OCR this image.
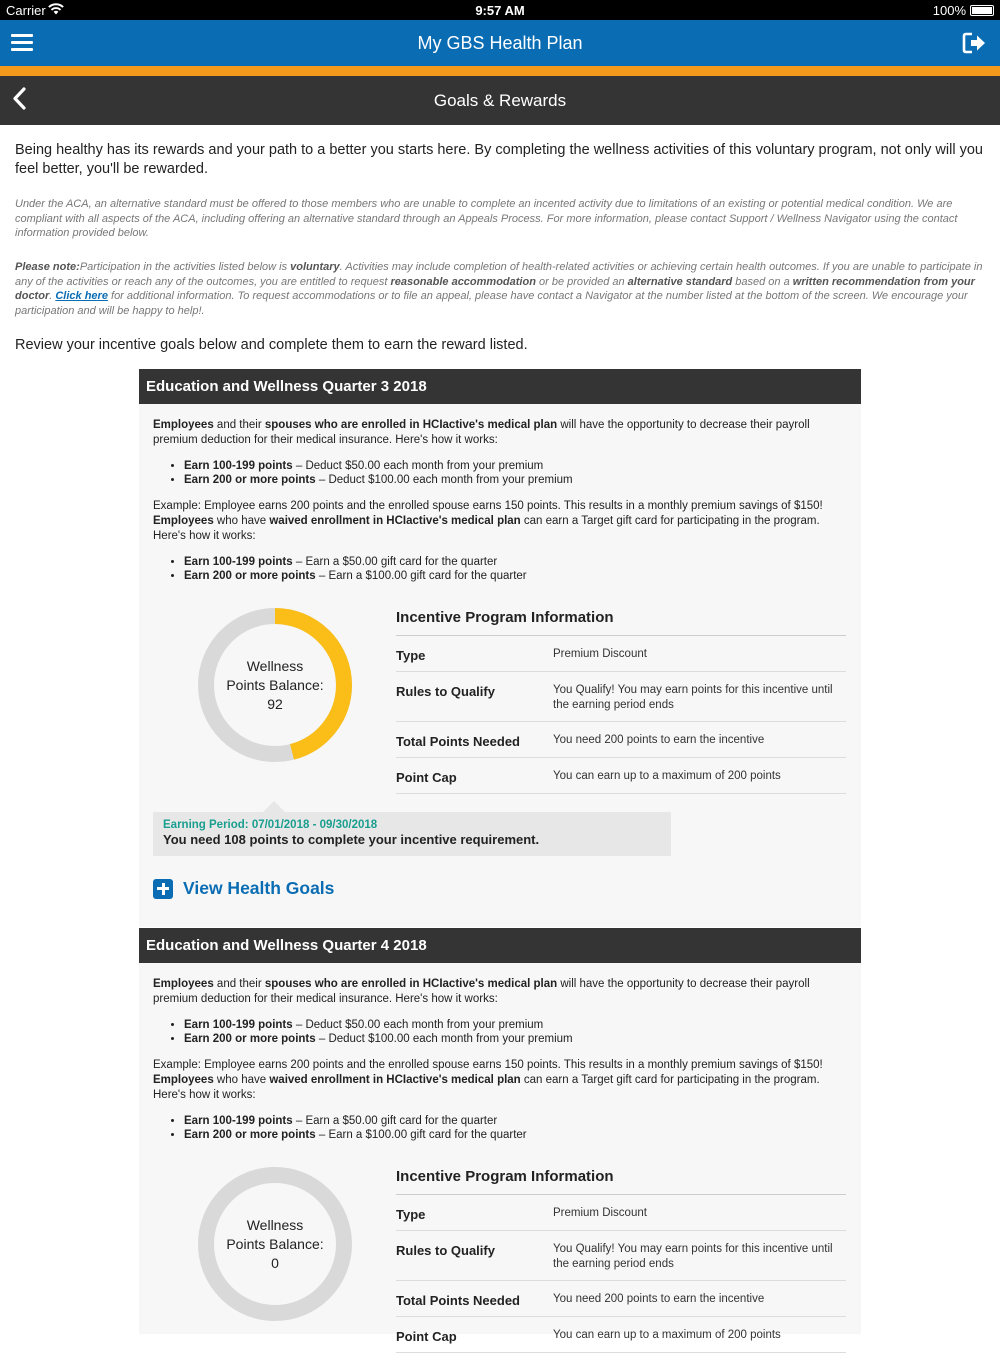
Carrier	9:57 AM	100%
My GBS Health Plan
Goals & Rewards

Being healthy has its rewards and your path to a better you starts here. By completing the wellness activities of this voluntary program, not only will you feel better, you'll be rewarded.

Under the ACA, an alternative standard must be offered to those members who are unable to complete an incented activity due to limitations of an existing or potential medical condition. We are compliant with all aspects of the ACA, including offering an alternative standard through an Appeals Process. For more information, please contact Support / Wellness Navigator using the contact information provided below.

Please note:Participation in the activities listed below is voluntary. Activities may include completion of health-related activities or achieving certain health outcomes. If you are unable to participate in any of the activities or reach any of the outcomes, you are entitled to request reasonable accommodation or be provided an alternative standard based on a written recommendation from your doctor. Click here for additional information. To request accommodations or to file an appeal, please have contact a Navigator at the number listed at the bottom of the screen. We encourage your participation and will be happy to help!.

Review your incentive goals below and complete them to earn the reward listed.

Education and Wellness Quarter 3 2018

Employees and their spouses who are enrolled in HCIactive's medical plan will have the opportunity to decrease their payroll premium deduction for their medical insurance. Here's how it works:

• Earn 100-199 points – Deduct $50.00 each month from your premium
• Earn 200 or more points – Deduct $100.00 each month from your premium

Example: Employee earns 200 points and the enrolled spouse earns 150 points. This results in a monthly premium savings of $150!
Employees who have waived enrollment in HCIactive's medical plan can earn a Target gift card for participating in the program. Here's how it works:

• Earn 100-199 points – Earn a $50.00 gift card for the quarter
• Earn 200 or more points – Earn a $100.00 gift card for the quarter
Wellness
Points Balance:
92
Incentive Program Information
Type	Premium Discount
Rules to Qualify	You Qualify! You may earn points for this incentive until the earning period ends
Total Points Needed	You need 200 points to earn the incentive
Point Cap	You can earn up to a maximum of 200 points
Earning Period: 07/01/2018 - 09/30/2018
You need 108 points to complete your incentive requirement.
View Health Goals
Education and Wellness Quarter 4 2018

Employees and their spouses who are enrolled in HCIactive's medical plan will have the opportunity to decrease their payroll premium deduction for their medical insurance. Here's how it works:

• Earn 100-199 points – Deduct $50.00 each month from your premium
• Earn 200 or more points – Deduct $100.00 each month from your premium

Example: Employee earns 200 points and the enrolled spouse earns 150 points. This results in a monthly premium savings of $150!
Employees who have waived enrollment in HCIactive's medical plan can earn a Target gift card for participating in the program. Here's how it works:

• Earn 100-199 points – Earn a $50.00 gift card for the quarter
• Earn 200 or more points – Earn a $100.00 gift card for the quarter
Wellness
Points Balance:
0
Incentive Program Information
Type	Premium Discount
Rules to Qualify	You Qualify! You may earn points for this incentive until the earning period ends
Total Points Needed	You need 200 points to earn the incentive
Point Cap	You can earn up to a maximum of 200 points
